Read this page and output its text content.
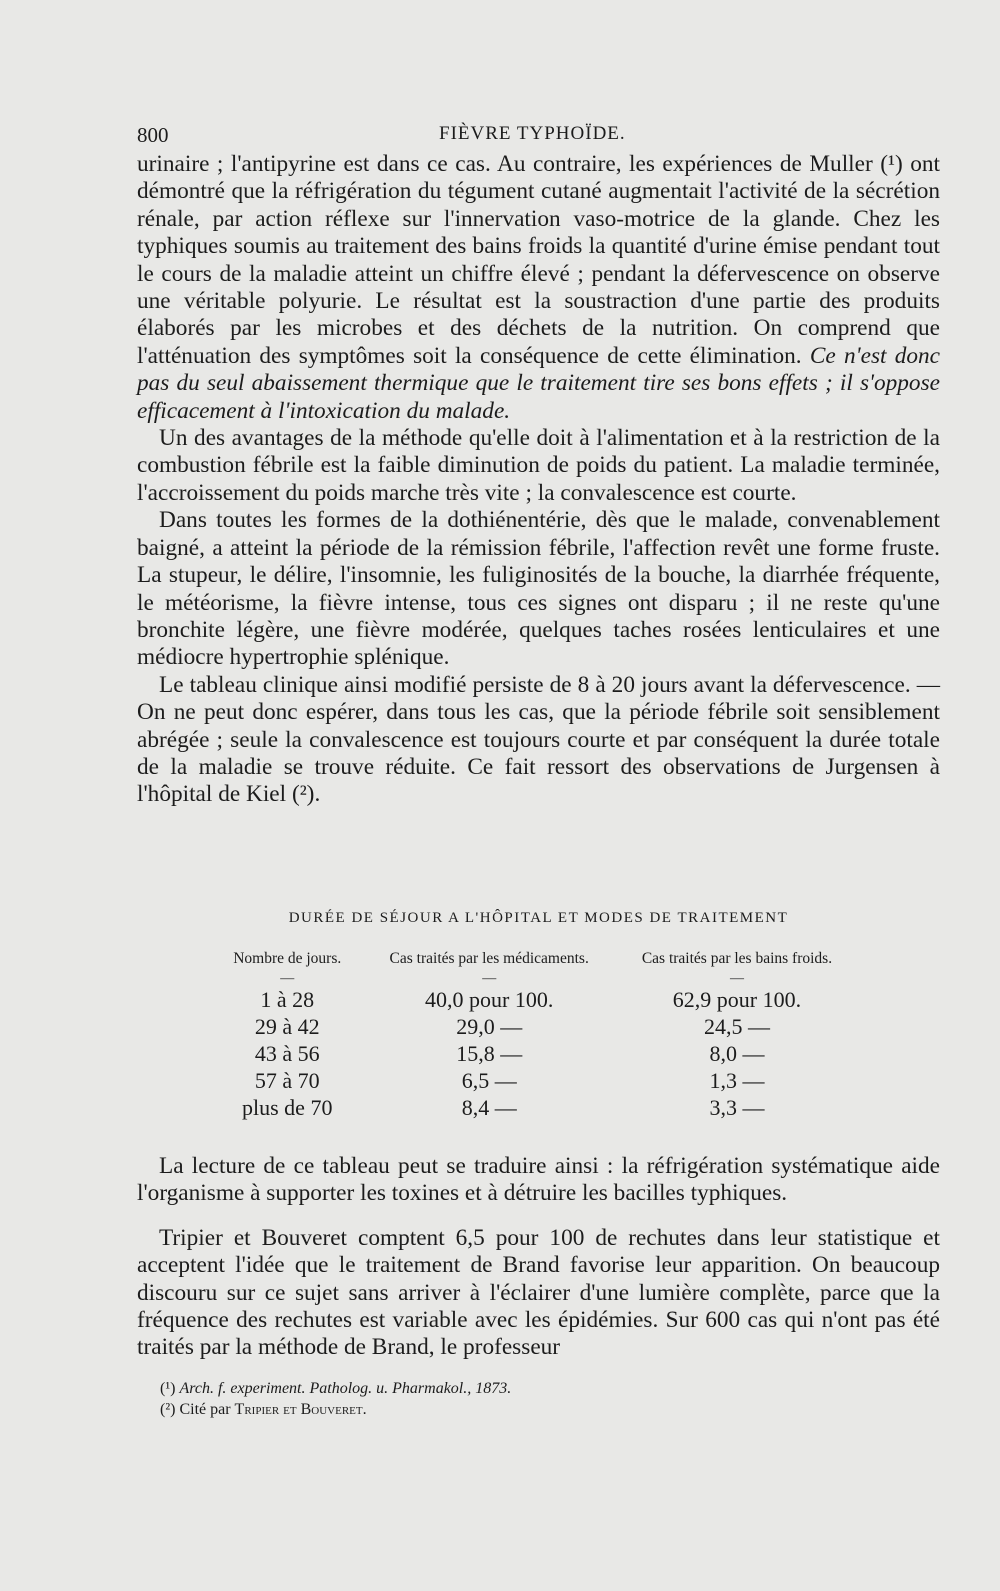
800	FIÈVRE TYPHOÏDE.

urinaire ; l'antipyrine est dans ce cas. Au contraire, les expériences de Muller (¹) ont démontré que la réfrigération du tégument cutané augmentait l'activité de la sécrétion rénale, par action réflexe sur l'innervation vaso-motrice de la glande. Chez les typhiques soumis au traitement des bains froids la quantité d'urine émise pendant tout le cours de la maladie atteint un chiffre élevé ; pendant la défervescence on observe une véritable polyurie. Le résultat est la soustraction d'une partie des produits élaborés par les microbes et des déchets de la nutrition. On comprend que l'atténuation des symptômes soit la conséquence de cette élimination. Ce n'est donc pas du seul abaissement thermique que le traitement tire ses bons effets ; il s'oppose efficacement à l'intoxication du malade.

Un des avantages de la méthode qu'elle doit à l'alimentation et à la restriction de la combustion fébrile est la faible diminution de poids du patient. La maladie terminée, l'accroissement du poids marche très vite ; la convalescence est courte.

Dans toutes les formes de la dothiénentérie, dès que le malade, convenablement baigné, a atteint la période de la rémission fébrile, l'affection revêt une forme fruste. La stupeur, le délire, l'insomnie, les fuliginosités de la bouche, la diarrhée fréquente, le météorisme, la fièvre intense, tous ces signes ont disparu ; il ne reste qu'une bronchite légère, une fièvre modérée, quelques taches rosées lenticulaires et une médiocre hypertrophie splénique.

Le tableau clinique ainsi modifié persiste de 8 à 20 jours avant la défervescence. — On ne peut donc espérer, dans tous les cas, que la période fébrile soit sensiblement abrégée ; seule la convalescence est toujours courte et par conséquent la durée totale de la maladie se trouve réduite. Ce fait ressort des observations de Jurgensen à l'hôpital de Kiel (²).

DURÉE DE SÉJOUR A L'HÔPITAL ET MODES DE TRAITEMENT
Nombre de jours.	Cas traités par les médicaments.	Cas traités par les bains froids.
—	—	—
1 à 28	40,0 pour 100.	62,9 pour 100.
29 à 42	29,0 —	24,5 —
43 à 56	15,8 —	8,0 —
57 à 70	6,5 —	1,3 —
plus de 70	8,4 —	3,3 —

La lecture de ce tableau peut se traduire ainsi : la réfrigération systématique aide l'organisme à supporter les toxines et à détruire les bacilles typhiques.

Tripier et Bouveret comptent 6,5 pour 100 de rechutes dans leur statistique et acceptent l'idée que le traitement de Brand favorise leur apparition. On beaucoup discouru sur ce sujet sans arriver à l'éclairer d'une lumière complète, parce que la fréquence des rechutes est variable avec les épidémies. Sur 600 cas qui n'ont pas été traités par la méthode de Brand, le professeur

(¹) Arch. f. experiment. Patholog. u. Pharmakol., 1873.
(²) Cité par Tripier et Bouveret.
